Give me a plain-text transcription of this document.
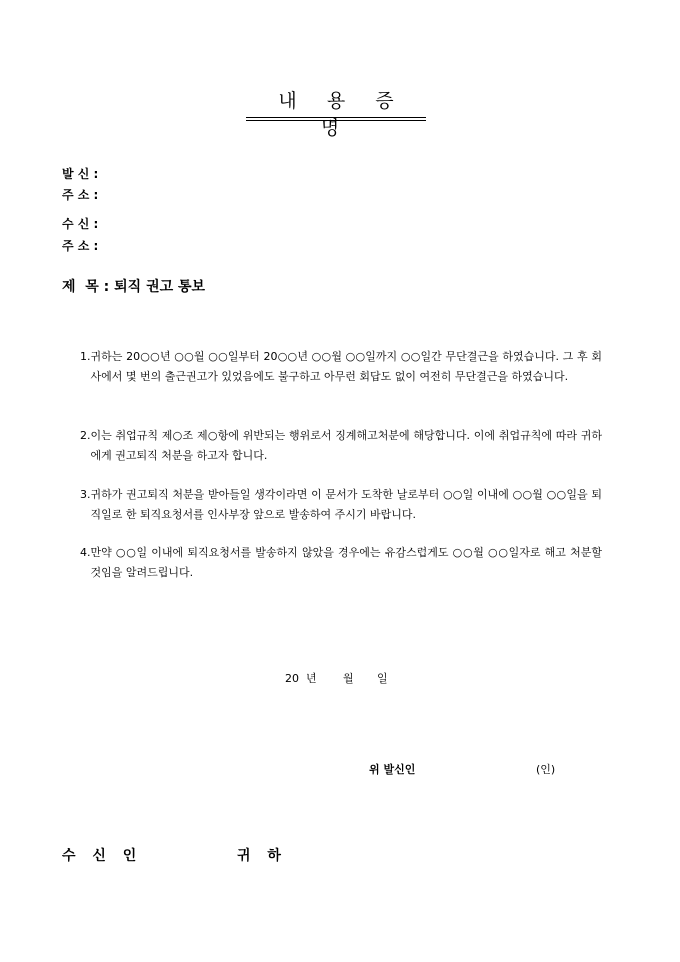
내 용 증 명
발 신 :
주 소 :
수 신 :
주 소 :
제  목 : 퇴직 권고 통보
1. 귀하는 20○○년 ○○월 ○○일부터 20○○년 ○○월 ○○일까지 ○○일간 무단결근을 하였습니다. 그 후 회사에서 몇 번의 출근권고가 있었음에도 불구하고 아무런 회답도 없이 여전히 무단결근을 하였습니다.
2. 이는 취업규칙 제○조 제○항에 위반되는 행위로서 징계해고처분에 해당합니다. 이에 취업규칙에 따라 귀하에게 권고퇴직 처분을 하고자 합니다.
3. 귀하가 권고퇴직 처분을 받아들일 생각이라면 이 문서가 도착한 날로부터 ○○일 이내에 ○○월 ○○일을 퇴직일로 한 퇴직요청서를 인사부장 앞으로 발송하여 주시기 바랍니다.
4. 만약 ○○일 이내에 퇴직요청서를 발송하지 않았을 경우에는 유감스럽게도 ○○월 ○○일자로 해고 처분할 것임을 알려드립니다.
20  년 월 일
위 발신인	(인)
수 신 인	귀 하
